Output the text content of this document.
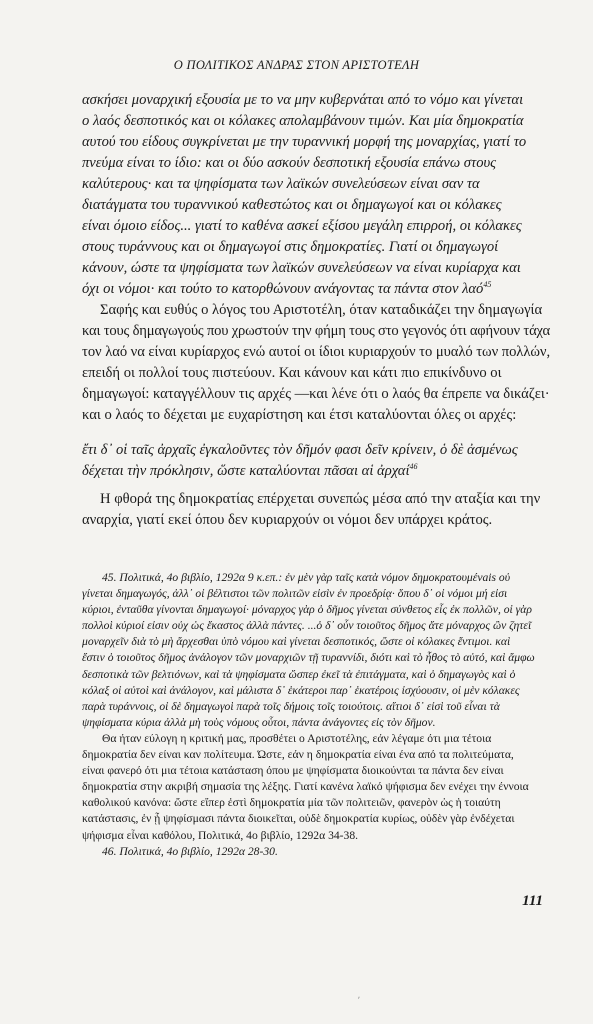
Ο ΠΟΛΙΤΙΚΟΣ ΑΝΔΡΑΣ ΣΤΟΝ ΑΡΙΣΤΟΤΕΛΗ
ασκήσει μοναρχική εξουσία με το να μην κυβερνάται από το νόμο και γίνεται
ο λαός δεσποτικός και οι κόλακες απολαμβάνουν τιμών. Και μία δημοκρατία
αυτού του είδους συγκρίνεται με την τυραννική μορφή της μοναρχίας, γιατί το
πνεύμα είναι το ίδιο: και οι δύο ασκούν δεσποτική εξουσία επάνω στους
καλύτερους· και τα ψηφίσματα των λαϊκών συνελεύσεων είναι σαν τα
διατάγματα του τυραννικού καθεστώτος και οι δημαγωγοί και οι κόλακες
είναι όμοιο είδος... γιατί το καθένα ασκεί εξίσου μεγάλη επιρροή, οι κόλακες
στους τυράννους και οι δημαγωγοί στις δημοκρατίες. Γιατί οι δημαγωγοί
κάνουν, ώστε τα ψηφίσματα των λαϊκών συνελεύσεων να είναι κυρίαρχα και
όχι οι νόμοι· και τούτο το κατορθώνουν ανάγοντας τα πάντα στον λαό$^{45}$
Σαφής και ευθύς ο λόγος του Αριστοτέλη, όταν καταδικάζει την δημαγωγία
και τους δημαγωγούς που χρωστούν την φήμη τους στο γεγονός ότι αφήνουν τάχα
τον λαό να είναι κυρίαρχος ενώ αυτοί οι ίδιοι κυριαρχούν το μυαλό των πολλών,
επειδή οι πολλοί τους πιστεύουν. Και κάνουν και κάτι πιο επικίνδυνο οι
δημαγωγοί: καταγγέλλουν τις αρχές —και λένε ότι ο λαός θα έπρεπε να δικάζει·
και ο λαός το δέχεται με ευχαρίστηση και έτσι καταλύονται όλες οι αρχές:
ἔτι δ᾽ οἱ ταῖς ἀρχαῖς ἐγκαλοῦντες τὸν δῆμόν φασι δεῖν κρίνειν, ὁ δὲ ἀσμένως
δέχεται τὴν πρόκλησιν, ὥστε καταλύονται πᾶσαι αἱ ἀρχαί$^{46}$
Η φθορά της δημοκρατίας επέρχεται συνεπώς μέσα από την αταξία και την
αναρχία, γιατί εκεί όπου δεν κυριαρχούν οι νόμοι δεν υπάρχει κράτος.
45. Πολιτικά, 4ο βιβλίο, 1292α 9 κ.επ.: ἐν μὲν γὰρ ταῖς κατὰ νόμον δημοκρατουμένais οὐ
γίνεται δημαγωγός, ἀλλ᾽ οἱ βέλτιστοι τῶν πολιτῶν εἰσὶν ἐν προεδρίᾳ· ὅπου δ᾽ οἱ νόμοι μή εἰσι
κύριοι, ἐνταῦθα γίνονται δημαγωγοί· μόναρχος γὰρ ὁ δῆμος γίνεται σύνθετος εἷς ἐκ πολλῶν, οἱ γὰρ
πολλοὶ κύριοί εἰσιν οὐχ ὡς ἕκαστος ἀλλὰ πάντες. ...ὁ δ᾽ οὖν τοιοῦτος δῆμος ἅτε μόναρχος ὢν ζητεῖ
μοναρχεῖν διὰ τὸ μὴ ἄρχεσθαι ὑπὸ νόμου καὶ γίνεται δεσποτικός, ὥστε οἱ κόλακες ἔντιμοι. καὶ
ἔστιν ὁ τοιοῦτος δῆμος ἀνάλογον τῶν μοναρχιῶν τῇ τυραννίδι, διότι καὶ τὸ ἦθος τὸ αὐτό, καὶ ἄμφω
δεσποτικὰ τῶν βελτιόνων, καὶ τὰ ψηφίσματα ὥσπερ ἐκεῖ τὰ ἐπιτάγματα, καὶ ὁ δημαγωγὸς καὶ ὁ
κόλαξ οἱ αὐτοὶ καὶ ἀνάλογον, καὶ μάλιστα δ᾽ ἑκάτεροι παρ᾽ ἑκατέροις ἰσχύουσιν, οἱ μὲν κόλακες
παρὰ τυράννοις, οἱ δὲ δημαγωγοὶ παρὰ τοῖς δήμοις τοῖς τοιούτοις. αἴτιοι δ᾽ εἰσὶ τοῦ εἶναι τὰ
ψηφίσματα κύρια ἀλλὰ μὴ τοὺς νόμους οὗτοι, πάντα ἀνάγοντες εἰς τὸν δῆμον.
Θα ήταν εύλογη η κριτική μας, προσθέτει ο Αριστοτέλης, εάν λέγαμε ότι μια τέτοια
δημοκρατία δεν είναι καν πολίτευμα. Ώστε, εάν η δημοκρατία είναι ένα από τα πολιτεύματα,
είναι φανερό ότι μια τέτοια κατάσταση όπου με ψηφίσματα διοικούνται τα πάντα δεν είναι
δημοκρατία στην ακριβή σημασία της λέξης. Γιατί κανένα λαϊκό ψήφισμα δεν ενέχει την έννοια
καθολικού κανόνα: ὥστε εἴπερ ἐστὶ δημοκρατία μία τῶν πολιτειῶν, φανερὸν ὡς ἡ τοιαύτη
κατάστασις, ἐν ᾗ ψηφίσμασι πάντα διοικεῖται, οὐδὲ δημοκρατία κυρίως, οὐδὲν γὰρ ἐνδέχεται
ψήφισμα εἶναι καθόλου, Πολιτικά, 4ο βιβλίο, 1292α 34-38.
46. Πολιτικά, 4ο βιβλίο, 1292α 28-30.
111
ʹ
